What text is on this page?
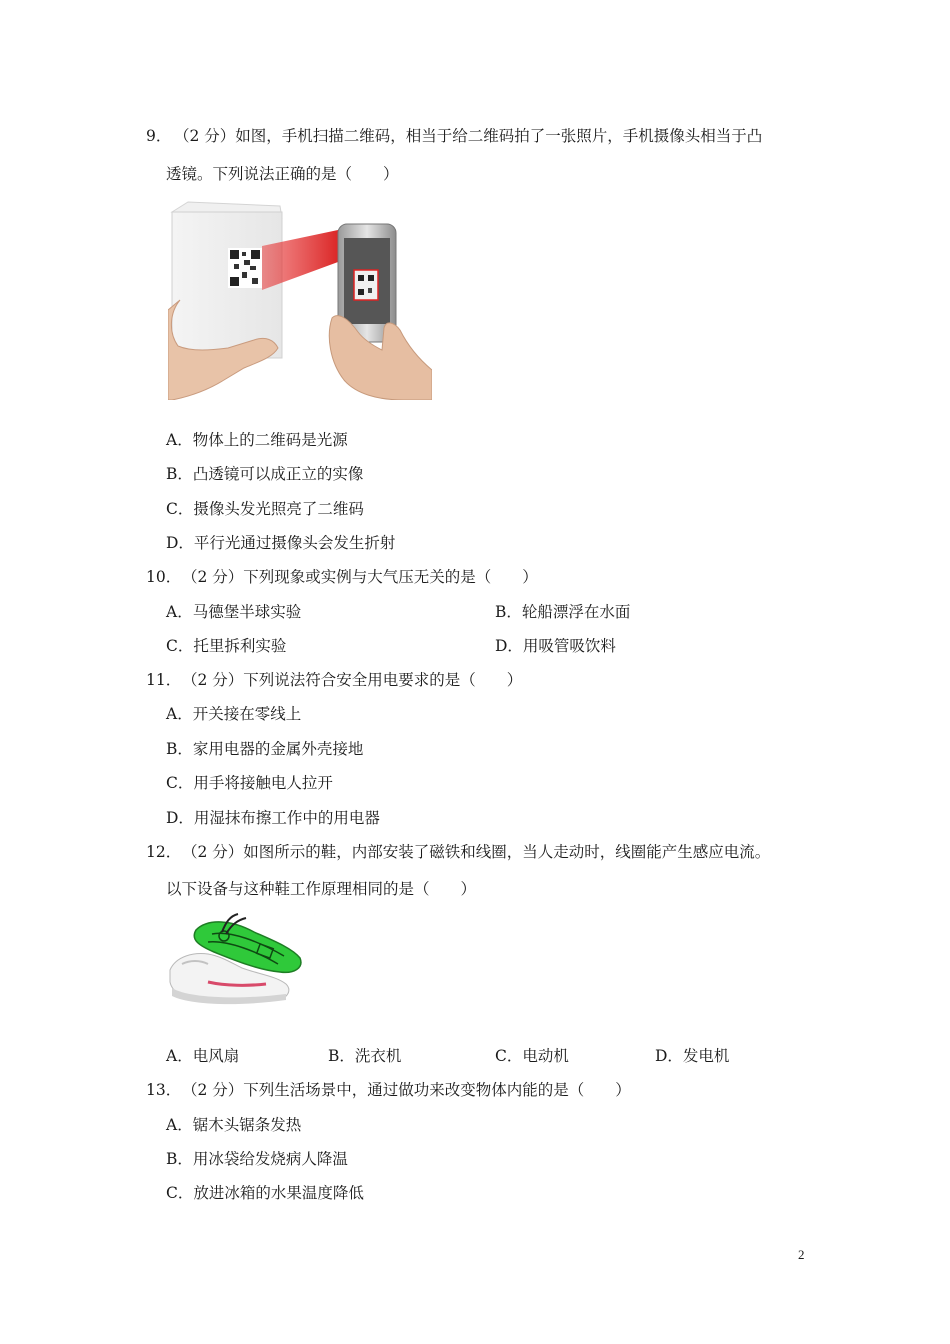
9． （2 分）如图，手机扫描二维码，相当于给二维码拍了一张照片，手机摄像头相当于凸
透镜。下列说法正确的是（　　）
A．物体上的二维码是光源
B．凸透镜可以成正立的实像
C．摄像头发光照亮了二维码
D．平行光通过摄像头会发生折射
10． （2 分）下列现象或实例与大气压无关的是（　　）
A．马德堡半球实验	B．轮船漂浮在水面
C．托里拆利实验	D．用吸管吸饮料
11． （2 分）下列说法符合安全用电要求的是（　　）
A．开关接在零线上
B．家用电器的金属外壳接地
C．用手将接触电人拉开
D．用湿抹布擦工作中的用电器
12． （2 分）如图所示的鞋，内部安装了磁铁和线圈，当人走动时，线圈能产生感应电流。
以下设备与这种鞋工作原理相同的是（　　）
A．电风扇	B．洗衣机	C．电动机	D．发电机
13． （2 分）下列生活场景中，通过做功来改变物体内能的是（　　）
A．锯木头锯条发热
B．用冰袋给发烧病人降温
C．放进冰箱的水果温度降低
2
